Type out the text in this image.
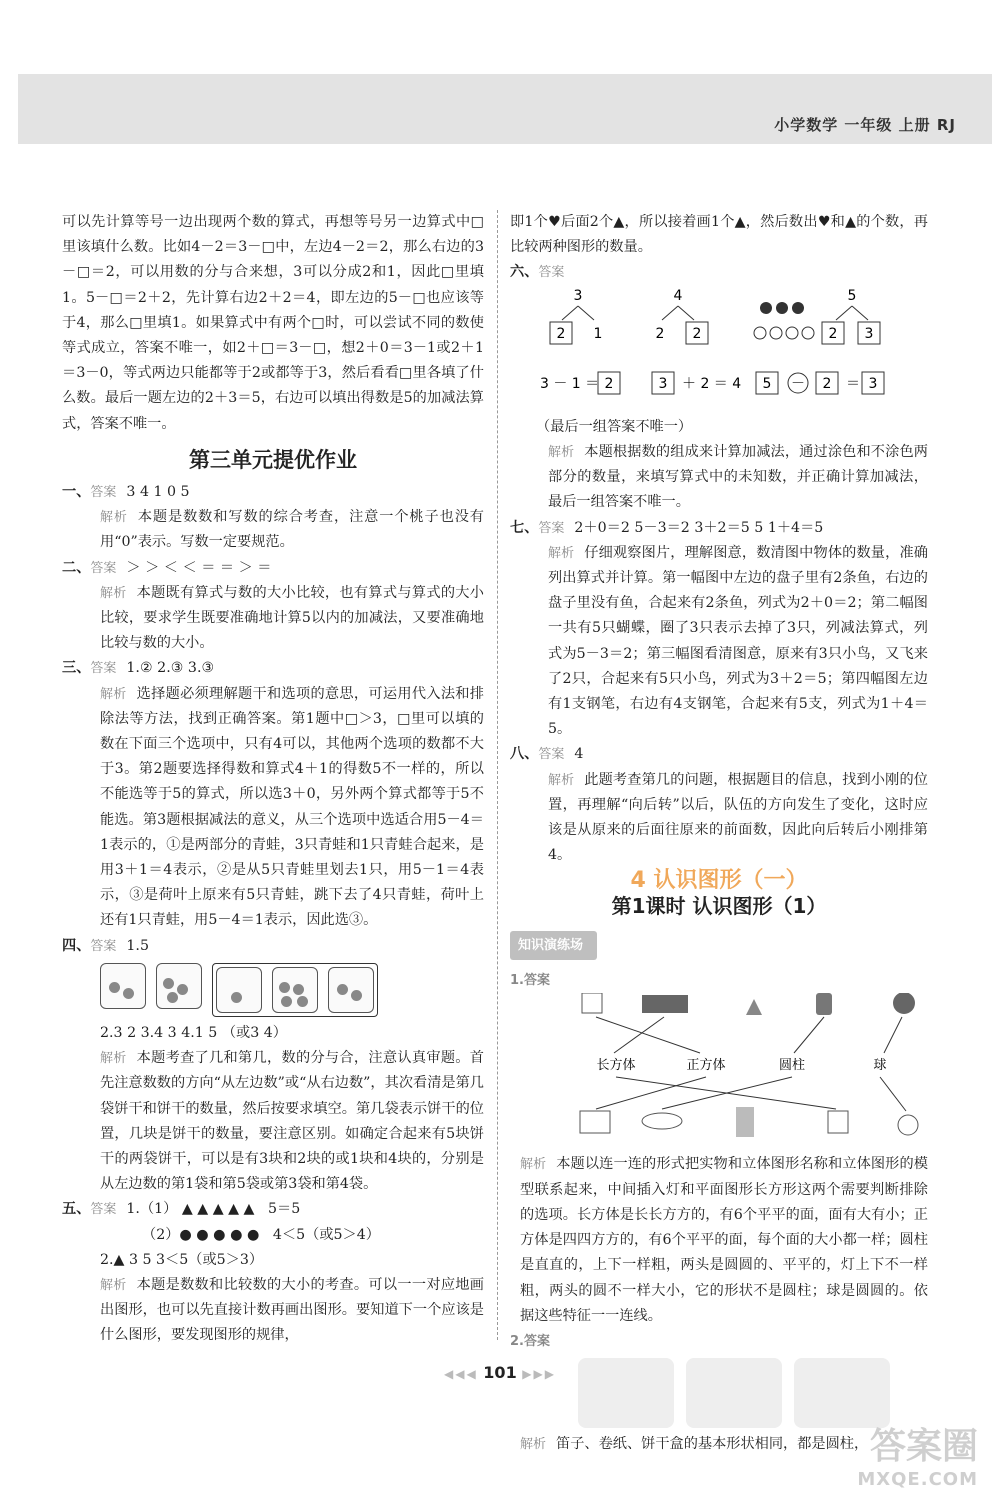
小学数学 一年级 上册 RJ

可以先计算等号一边出现两个数的算式，再想等号另一边算式中□里该填什么数。比如4－2＝3－□中，左边4－2＝2，那么右边的3－□＝2，可以用数的分与合来想，3可以分成2和1，因此□里填1。5－□＝2＋2，先计算右边2＋2＝4，即左边的5－□也应该等于4，那么□里填1。如果算式中有两个□时，可以尝试不同的数使等式成立，答案不唯一，如2＋□＝3－□，想2＋0＝3－1或2＋1＝3－0，等式两边只能都等于2或都等于3，然后看看□里各填了什么数。最后一题左边的2＋3＝5，右边可以填出得数是5的加减法算式，答案不唯一。

第三单元提优作业

一、答案 3 4 1 0 5

解析 本题是数数和写数的综合考查，注意一个桃子也没有用“0”表示。写数一定要规范。

二、答案 ＞ ＞ ＜ ＜ ＝ ＝ ＞ ＝

解析 本题既有算式与数的大小比较，也有算式与算式的大小比较，要求学生既要准确地计算5以内的加减法，又要准确地比较与数的大小。

三、答案 1.② 2.③ 3.③

解析 选择题必须理解题干和选项的意思，可运用代入法和排除法等方法，找到正确答案。第1题中□＞3，□里可以填的数在下面三个选项中，只有4可以，其他两个选项的数都不大于3。第2题要选择得数和算式4＋1的得数5不一样的，所以不能选等于5的算式，所以选3＋0，另外两个算式都等于5不能选。第3题根据减法的意义，从三个选项中选适合用5－4＝1表示的，①是两部分的青蛙，3只青蛙和1只青蛙合起来，是用3＋1＝4表示，②是从5只青蛙里划去1只，用5－1＝4表示，③是荷叶上原来有5只青蛙，跳下去了4只青蛙，荷叶上还有1只青蛙，用5－4＝1表示，因此选③。

四、答案 1.5

2.3 2 3.4 3 4.1 5 （或3 4）

解析 本题考查了几和第几，数的分与合，注意认真审题。首先注意数数的方向“从左边数”或“从右边数”，其次看清是第几袋饼干和饼干的数量，然后按要求填空。第几袋表示饼干的位置，几块是饼干的数量，要注意区别。如确定合起来有5块饼干的两袋饼干，可以是有3块和2块的或1块和4块的，分别是从左边数的第1袋和第5袋或第3袋和第4袋。

五、答案 1.（1） ▲ ▲ ▲ ▲ ▲   5＝5

（2）● ● ● ● ●   4＜5（或5＞4）

2.▲ 3 5 3＜5（或5＞3）

解析 本题是数数和比较数的大小的考查。可以一一对应地画出图形，也可以先直接计数再画出图形。要知道下一个应该是什么图形，要发现图形的规律，

即1个♥后面2个▲，所以接着画1个▲，然后数出♥和▲的个数，再比较两种图形的数量。

六、答案

3
2 1
4
2 2
5
2 3
3 － 1 ＝ 2	3 ＋ 2 ＝ 4 5 － 2 ＝ 3

（最后一组答案不唯一）

解析 本题根据数的组成来计算加减法，通过涂色和不涂色两部分的数量，来填写算式中的未知数，并正确计算加减法，最后一组答案不唯一。

七、答案 2＋0＝2 5－3＝2 3＋2＝5 5 1＋4＝5

解析 仔细观察图片，理解图意，数清图中物体的数量，准确列出算式并计算。第一幅图中左边的盘子里有2条鱼，右边的盘子里没有鱼，合起来有2条鱼，列式为2＋0＝2；第二幅图一共有5只蝴蝶，圈了3只表示去掉了3只，列减法算式，列式为5－3＝2；第三幅图看清图意，原来有3只小鸟，又飞来了2只，合起来有5只小鸟，列式为3＋2＝5；第四幅图左边有1支钢笔，右边有4支钢笔，合起来有5支，列式为1＋4＝5。

八、答案 4

解析 此题考查第几的问题，根据题目的信息，找到小刚的位置，再理解“向后转”以后，队伍的方向发生了变化，这时应该是从原来的后面往原来的前面数，因此向后转后小刚排第4。

4 认识图形（一）
第1课时 认识图形（1）
知识演练场

1.答案

长方体	正方体	圆柱	球

解析 本题以连一连的形式把实物和立体图形名称和立体图形的模型联系起来，中间插入灯和平面图形长方形这两个需要判断排除的选项。长方体是长长方方的，有6个平平的面，面有大有小；正方体是四四方方的，有6个平平的面，每个面的大小都一样；圆柱是直直的，上下一样粗，两头是圆圆的、平平的，灯上下不一样粗，两头的圆不一样大小，它的形状不是圆柱；球是圆圆的。依据这些特征一一连线。

2.答案

解析 笛子、卷纸、饼干盒的基本形状相同，都是圆柱，

◀◀◀ 101 ▶▶▶
答案圈
MXQE.COM
